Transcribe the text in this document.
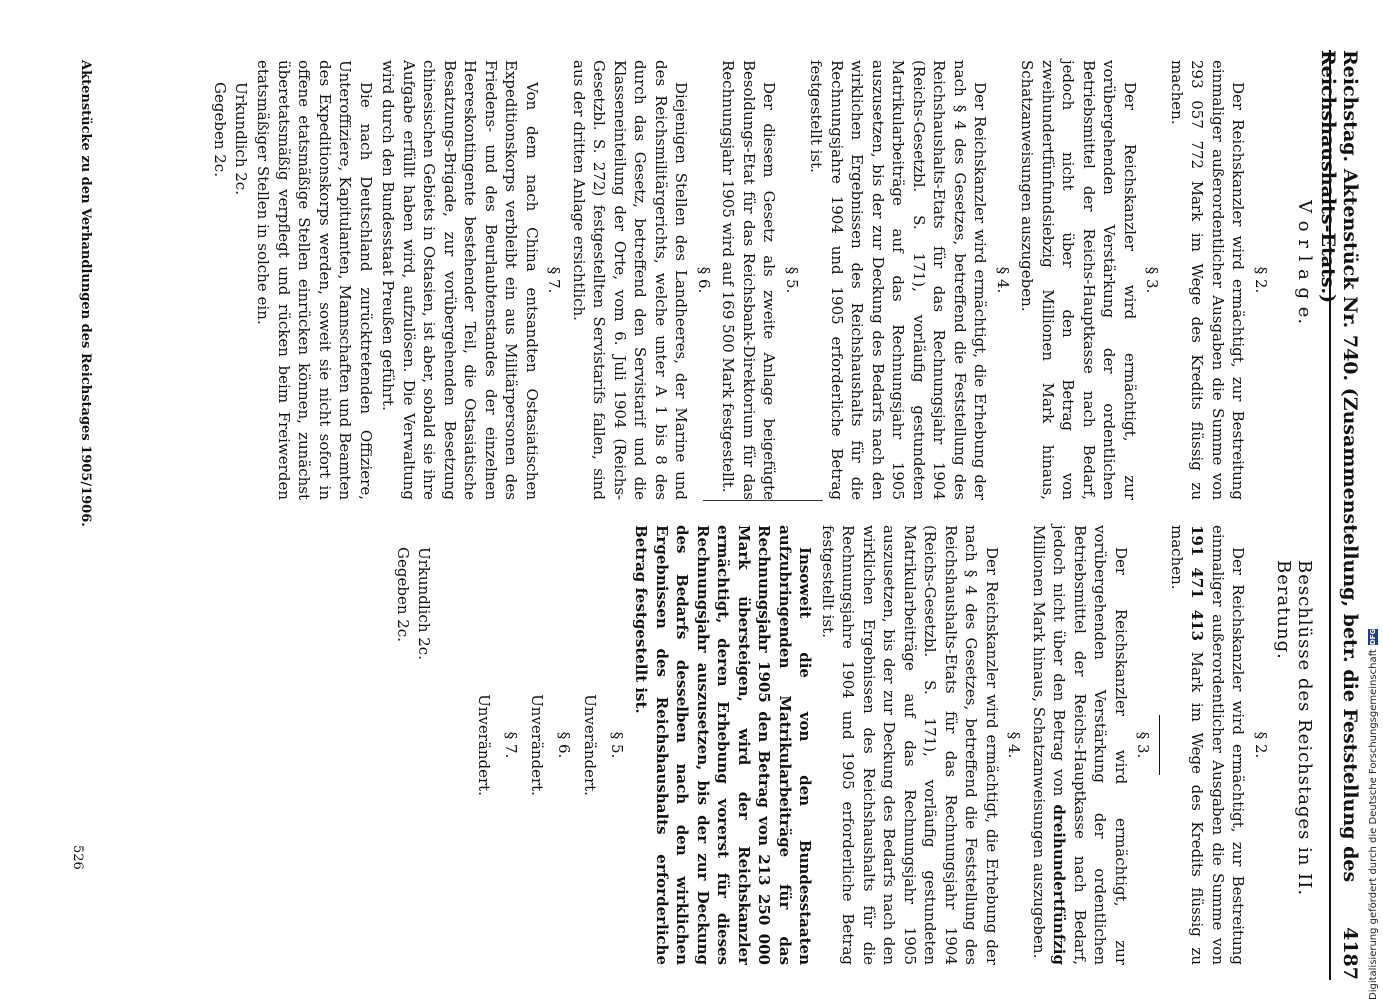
Reichstag. Aktenstück Nr. 740. (Zusammenstellung, betr. die Feststellung des Reichshaushalts-Etats.)
4187
V o r l a g e.
Beschlüsse des Reichstages in II. Beratung.
§ 2.

Der Reichskanzler wird ermächtigt, zur Bestreitung einmaliger außerordentlicher Ausgaben die Summe von 293 057 772 Mark im Wege des Kredits flüssig zu machen.

§ 3.

Der Reichskanzler wird ermächtigt, zur vorübergehenden Verstärkung der ordentlichen Betriebsmittel der Reichs-Hauptkasse nach Bedarf, jedoch nicht über den Betrag von zweihundertfünfundsiebzig Millionen Mark hinaus, Schatzanweisungen auszugeben.

§ 4.

Der Reichskanzler wird ermächtigt, die Erhebung der nach § 4 des Gesetzes, betreffend die Feststellung des Reichshaushalts-Etats für das Rechnungsjahr 1904 (Reichs-Gesetzbl. S. 171), vorläufig gestundeten Matrikularbeiträge auf das Rechnungsjahr 1905 auszusetzen, bis der zur Deckung des Bedarfs nach den wirklichen Ergebnissen des Reichshaushalts für die Rechnungsjahre 1904 und 1905 erforderliche Betrag festgestellt ist.

§ 5.

Der diesem Gesetz als zweite Anlage beigefügte Besoldungs-Etat für das Reichsbank-Direktorium für das Rechnungsjahr 1905 wird auf 169 500 Mark festgestellt.

§ 6.

Diejenigen Stellen des Landheeres, der Marine und des Reichsmilitärgerichts, welche unter A 1 bis 8 des durch das Gesetz, betreffend den Servistarif und die Klasseneinteilung der Orte, vom 6. Juli 1904 (Reichs-Gesetzbl. S. 272) festgestellten Servistarifs fallen, sind aus der dritten Anlage ersichtlich.

§ 7.

Von dem nach China entsandten Ostasiatischen Expeditionskorps verbleibt ein aus Militärpersonen des Friedens- und des Beurlaubtenstandes der einzelnen Heereskontingente bestehender Teil, die Ostasiatische Besatzungs-Brigade, zur vorübergehenden Besetzung chinesischen Gebiets in Ostasien, ist aber, sobald sie ihre Aufgabe erfüllt haben wird, aufzulösen. Die Verwaltung wird durch den Bundesstaat Preußen geführt.

Die nach Deutschland zurücktretenden Offiziere, Unteroffiziere, Kapitulanten, Mannschaften und Beamten des Expeditionskorps werden, soweit sie nicht sofort in offene etatsmäßige Stellen einrücken können, zunächst überetatsmäßig verpflegt und rücken beim Freiwerden etatsmäßiger Stellen in solche ein.

Urkundlich 2c.
Gegeben 2c.
§ 2.

Der Reichskanzler wird ermächtigt, zur Bestreitung einmaliger außerordentlicher Ausgaben die Summe von 191 471 413 Mark im Wege des Kredits flüssig zu machen.

§ 3.

Der Reichskanzler wird ermächtigt, zur vorübergehenden Verstärkung der ordentlichen Betriebsmittel der Reichs-Hauptkasse nach Bedarf, jedoch nicht über den Betrag von dreihundertfünfzig Millionen Mark hinaus, Schatzanweisungen auszugeben.

§ 4.

Der Reichskanzler wird ermächtigt, die Erhebung der nach § 4 des Gesetzes, betreffend die Feststellung des Reichshaushalts-Etats für das Rechnungsjahr 1904 (Reichs-Gesetzbl. S. 171), vorläufig gestundeten Matrikularbeiträge auf das Rechnungsjahr 1905 auszusetzen, bis der zur Deckung des Bedarfs nach den wirklichen Ergebnissen des Reichshaushalts für die Rechnungsjahre 1904 und 1905 erforderliche Betrag festgestellt ist.

Insoweit die von den Bundesstaaten aufzubringenden Matrikularbeiträge für das Rechnungsjahr 1905 den Betrag von 213 250 000 Mark übersteigen, wird der Reichskanzler ermächtigt, deren Erhebung vorerst für dieses Rechnungsjahr auszusetzen, bis der zur Deckung des Bedarfs desselben nach den wirklichen Ergebnissen des Reichshaushalts erforderliche Betrag festgestellt ist.

§ 5.
Unverändert.
§ 6.
Unverändert.
§ 7.
Unverändert.
Urkundlich 2c.
Gegeben 2c.
Aktenstücke zu den Verhandlungen des Reichstages 1905/1906.
526	Digitalisierung gefördert durch die Deutsche Forschungsgemeinschaft
DFG
